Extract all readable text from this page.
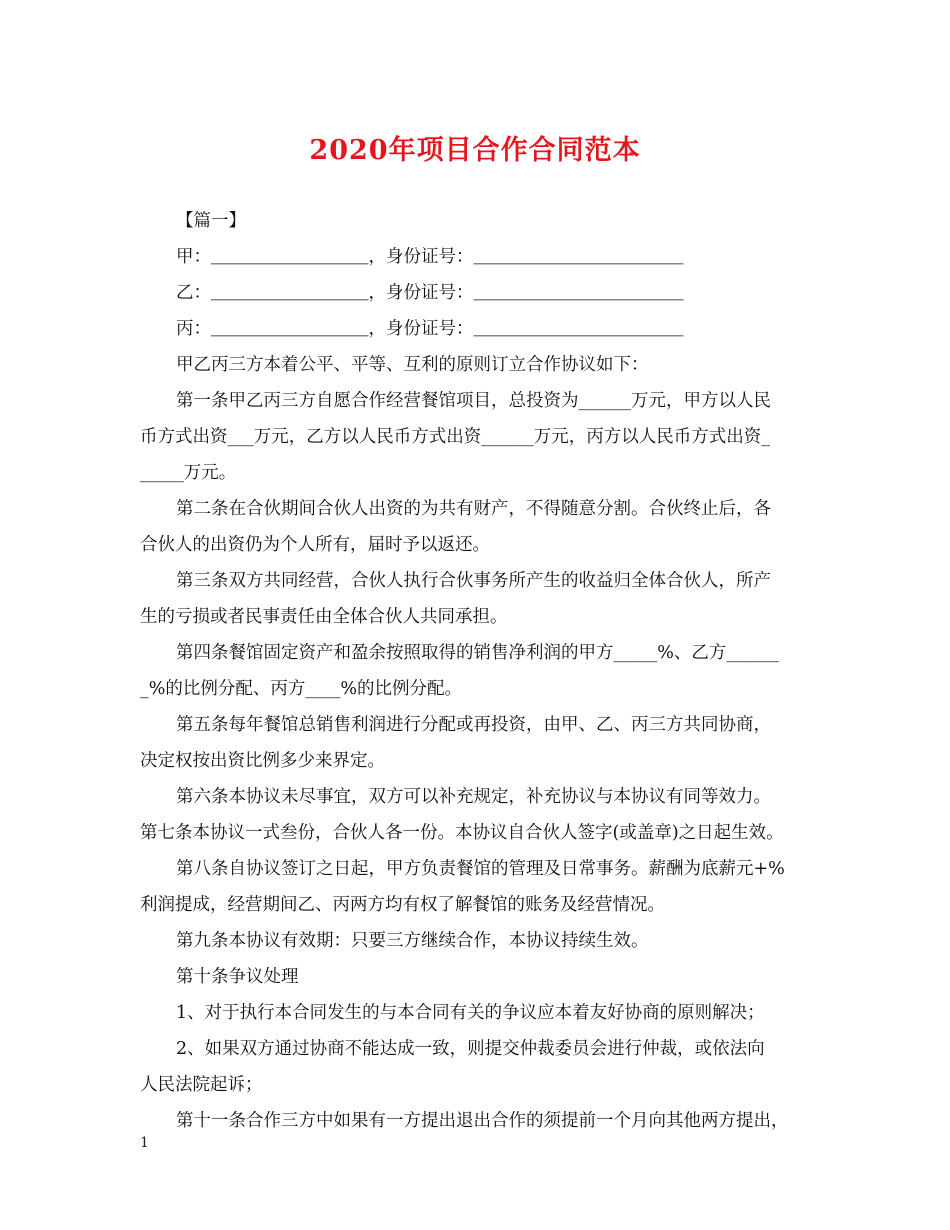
2020年项目合作合同范本
【篇一】
甲：＿＿＿＿＿＿＿＿＿，身份证号：＿＿＿＿＿＿＿＿＿＿＿＿
乙：＿＿＿＿＿＿＿＿＿，身份证号：＿＿＿＿＿＿＿＿＿＿＿＿
丙：＿＿＿＿＿＿＿＿＿，身份证号：＿＿＿＿＿＿＿＿＿＿＿＿
甲乙丙三方本着公平、平等、互利的原则订立合作协议如下：
第一条甲乙丙三方自愿合作经营餐馆项目，总投资为______万元，甲方以人民
币方式出资___万元，乙方以人民币方式出资______万元，丙方以人民币方式出资_
_____万元。
第二条在合伙期间合伙人出资的为共有财产，不得随意分割。合伙终止后，各
合伙人的出资仍为个人所有，届时予以返还。
第三条双方共同经营，合伙人执行合伙事务所产生的收益归全体合伙人，所产
生的亏损或者民事责任由全体合伙人共同承担。
第四条餐馆固定资产和盈余按照取得的销售净利润的甲方_____%、乙方______
_%的比例分配、丙方____%的比例分配。
第五条每年餐馆总销售利润进行分配或再投资，由甲、乙、丙三方共同协商，
决定权按出资比例多少来界定。
第六条本协议未尽事宜，双方可以补充规定，补充协议与本协议有同等效力。
第七条本协议一式叁份，合伙人各一份。本协议自合伙人签字(或盖章)之日起生效。
第八条自协议签订之日起，甲方负责餐馆的管理及日常事务。薪酬为底薪元+%
利润提成，经营期间乙、丙两方均有权了解餐馆的账务及经营情况。
第九条本协议有效期：只要三方继续合作，本协议持续生效。
第十条争议处理
1、对于执行本合同发生的与本合同有关的争议应本着友好协商的原则解决；
2、如果双方通过协商不能达成一致，则提交仲裁委员会进行仲裁，或依法向
人民法院起诉；
第十一条合作三方中如果有一方提出退出合作的须提前一个月向其他两方提出，
1
